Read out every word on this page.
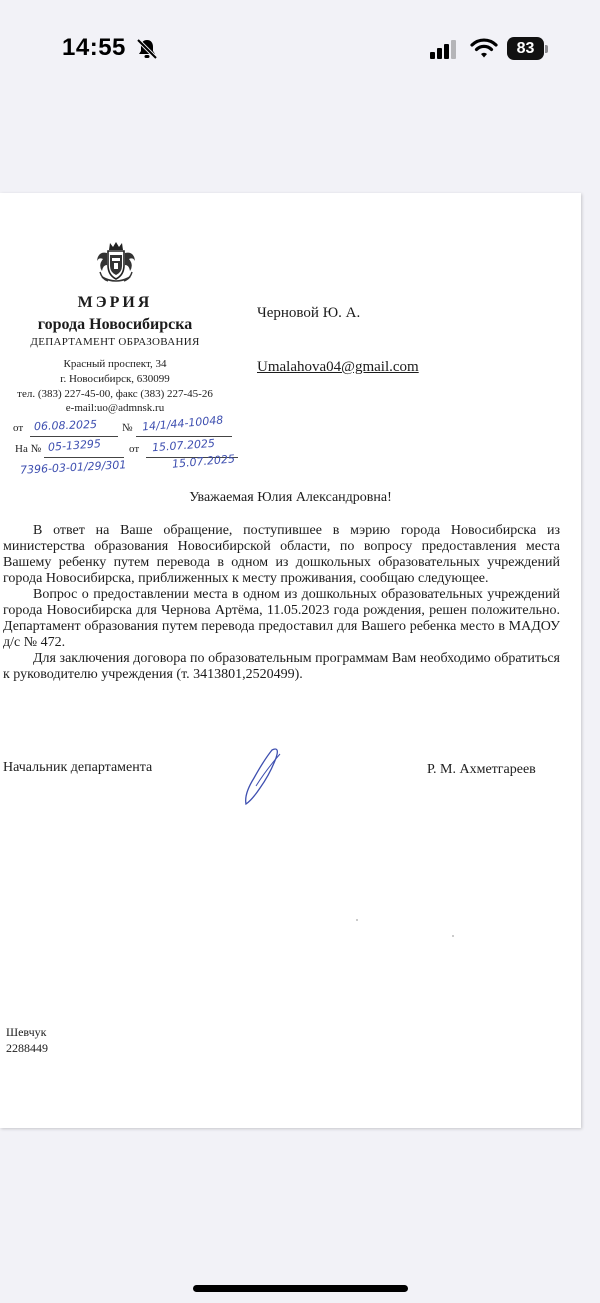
14:55	83
МЭРИЯ
города Новосибирска
ДЕПАРТАМЕНТ ОБРАЗОВАНИЯ
Красный проспект, 34
г. Новосибирск, 630099
тел. (383) 227-45-00, факс (383) 227-45-26
e-mail:uo@admnsk.ru
от 06.08.2025 № 14/1/44-10048
На № 05-13295	от 15.07.2025
7396-03-01/29/301	15.07.2025
Черновой Ю. А.
Umalahova04@gmail.com
Уважаемая Юлия Александровна!

В ответ на Ваше обращение, поступившее в мэрию города Новосибирска из министерства образования Новосибирской области, по вопросу предоставления места Вашему ребенку путем перевода в одном из дошкольных образовательных учреждений города Новосибирска, приближенных к месту проживания, сообщаю следующее.

Вопрос о предоставлении места в одном из дошкольных образовательных учреждений города Новосибирска для Чернова Артёма, 11.05.2023 года рождения, решен положительно. Департамент образования путем перевода предоставил для Вашего ребенка место в МАДОУ д/с № 472.

Для заключения договора по образовательным программам Вам необходимо обратиться к руководителю учреждения (т. 3413801,2520499).

Начальник департамента	Р. М. Ахметгареев
Шевчук
2288449
